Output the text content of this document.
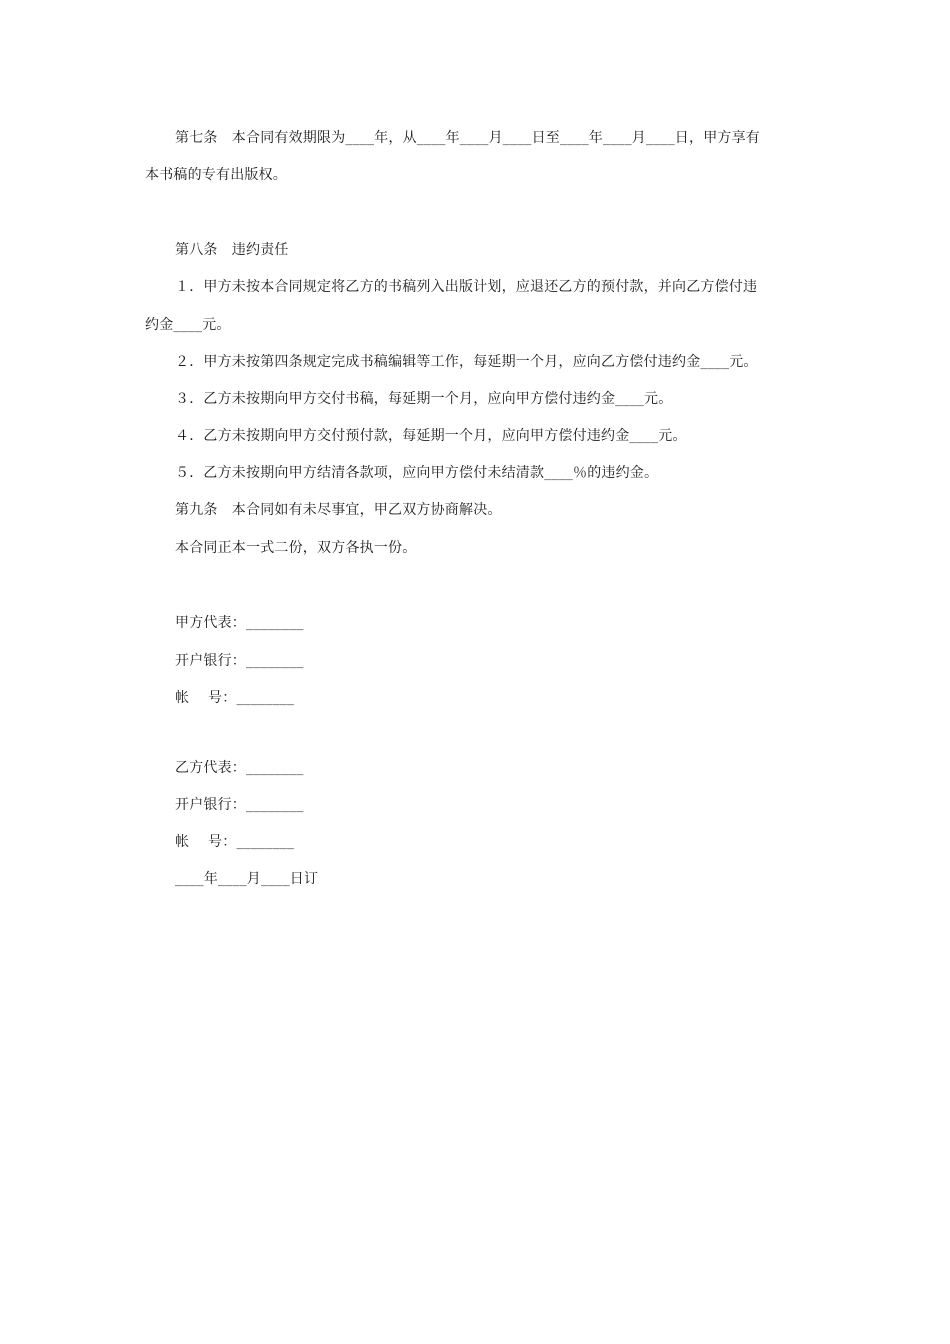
第七条　本合同有效期限为____年，从____年____月____日至____年____月____日，甲方享有
本书稿的专有出版权。
第八条　违约责任
１．甲方未按本合同规定将乙方的书稿列入出版计划，应退还乙方的预付款，并向乙方偿付违
约金____元。
２．甲方未按第四条规定完成书稿编辑等工作，每延期一个月，应向乙方偿付违约金____元。
３．乙方未按期向甲方交付书稿，每延期一个月，应向甲方偿付违约金____元。
４．乙方未按期向甲方交付预付款，每延期一个月，应向甲方偿付违约金____元。
５．乙方未按期向甲方结清各款项，应向甲方偿付未结清款____％的违约金。
第九条　本合同如有未尽事宜，甲乙双方协商解决。
本合同正本一式二份，双方各执一份。
甲方代表：________
开户银行：________
帐　 号：________
乙方代表：________
开户银行：________
帐　 号：________
____年____月____日订
